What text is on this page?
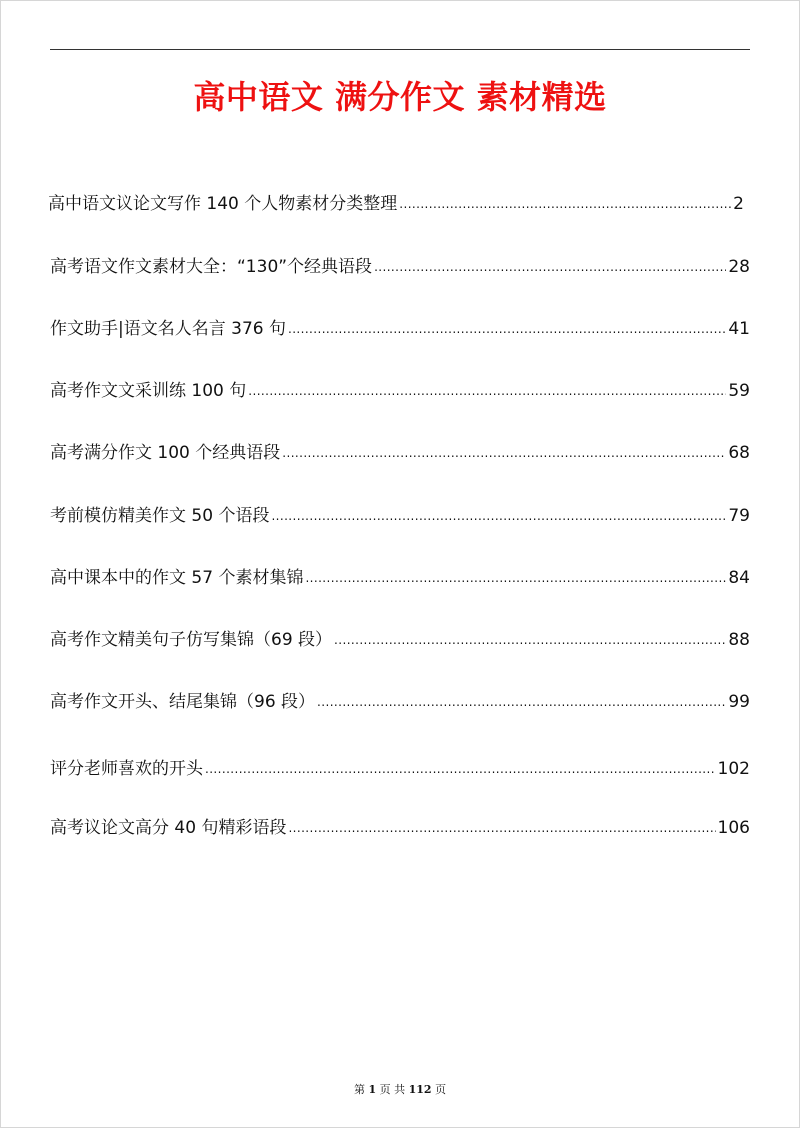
高中语文 满分作文 素材精选
高中语文议论文写作 140 个人物素材分类整理 .....	2
高考语文作文素材大全：“130”个经典语段 .....	28
作文助手|语文名人名言 376 句 .....	41
高考作文文采训练 100 句 .....	59
高考满分作文 100 个经典语段 .....	68
考前模仿精美作文 50 个语段 .....	79
高中课本中的作文 57 个素材集锦 .....	84
高考作文精美句子仿写集锦（69 段） .....	88
高考作文开头、结尾集锦（96 段） .....	99
评分老师喜欢的开头 .....	102
高考议论文高分 40 句精彩语段 .....	106
第 1 页 共 112 页
